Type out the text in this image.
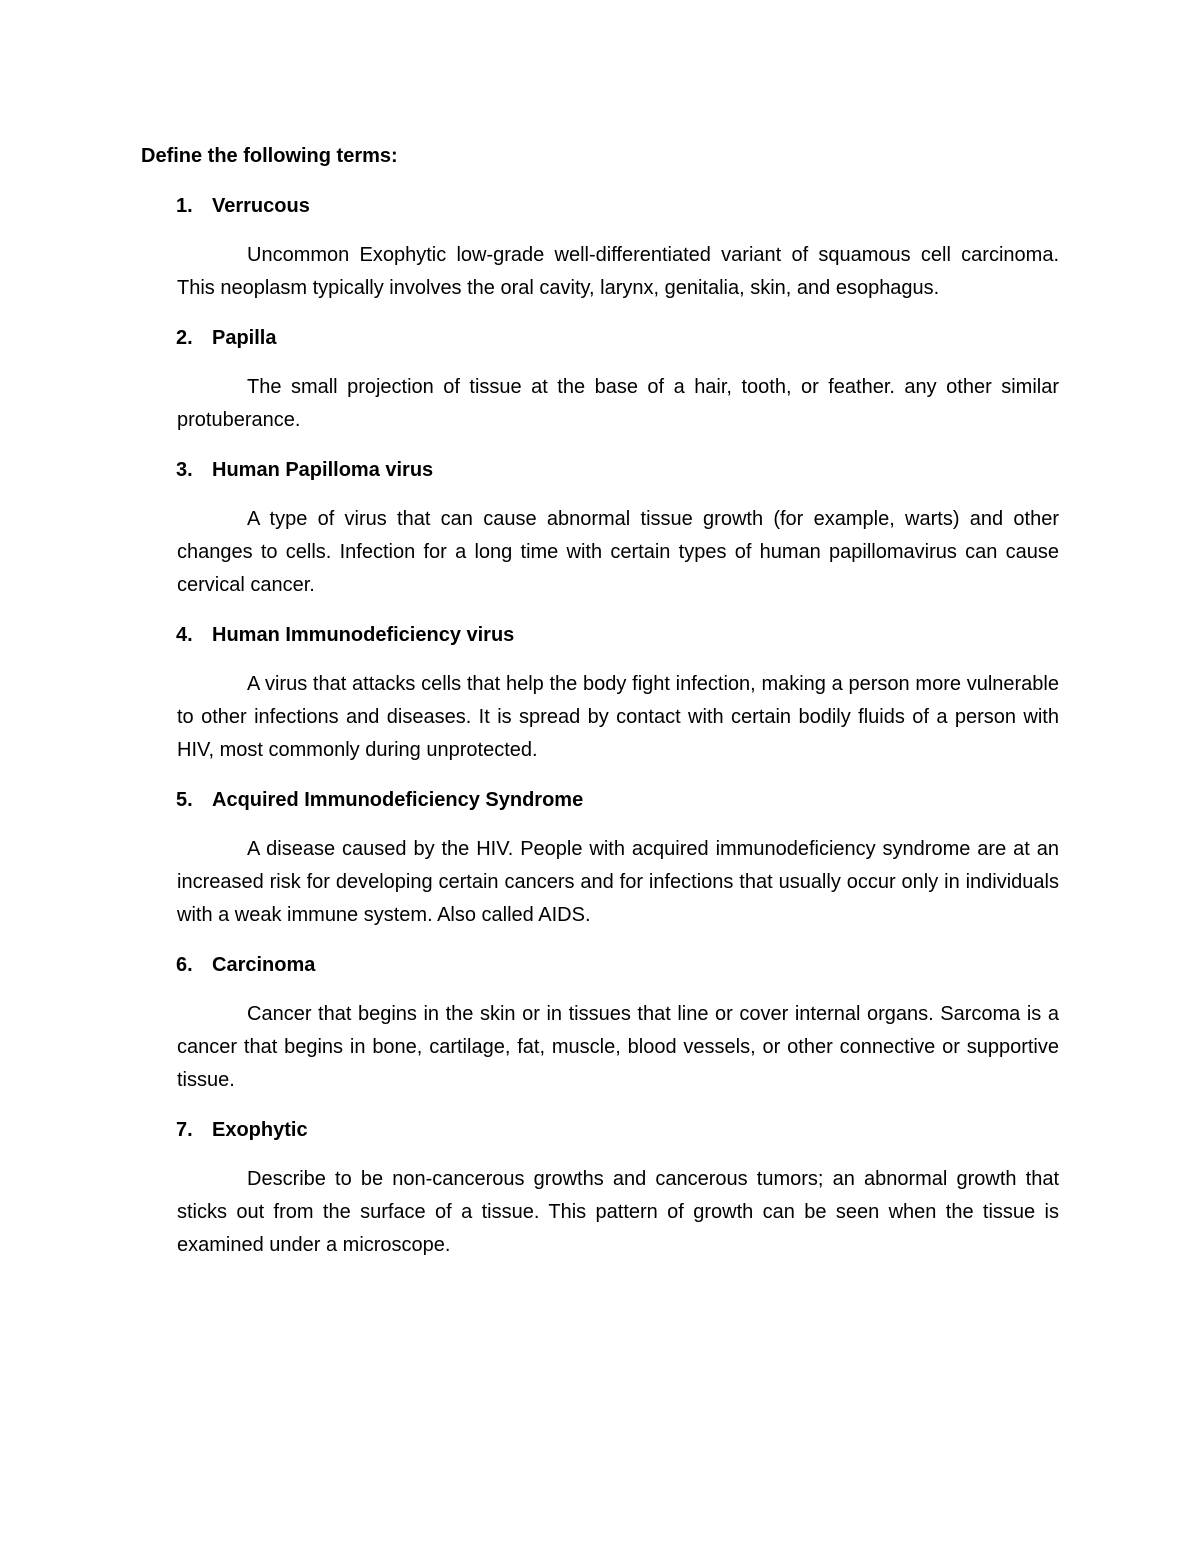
Define the following terms:

1. Verrucous

Uncommon Exophytic low-grade well-differentiated variant of squamous cell carcinoma. This neoplasm typically involves the oral cavity, larynx, genitalia, skin, and esophagus.

2. Papilla

The small projection of tissue at the base of a hair, tooth, or feather. any other similar protuberance.

3. Human Papilloma virus

A type of virus that can cause abnormal tissue growth (for example, warts) and other changes to cells. Infection for a long time with certain types of human papillomavirus can cause cervical cancer.

4. Human Immunodeficiency virus

A virus that attacks cells that help the body fight infection, making a person more vulnerable to other infections and diseases. It is spread by contact with certain bodily fluids of a person with HIV, most commonly during unprotected.

5. Acquired Immunodeficiency Syndrome

A disease caused by the HIV. People with acquired immunodeficiency syndrome are at an increased risk for developing certain cancers and for infections that usually occur only in individuals with a weak immune system. Also called AIDS.

6. Carcinoma

Cancer that begins in the skin or in tissues that line or cover internal organs. Sarcoma is a cancer that begins in bone, cartilage, fat, muscle, blood vessels, or other connective or supportive tissue.

7. Exophytic

Describe to be non-cancerous growths and cancerous tumors; an abnormal growth that sticks out from the surface of a tissue. This pattern of growth can be seen when the tissue is examined under a microscope.
